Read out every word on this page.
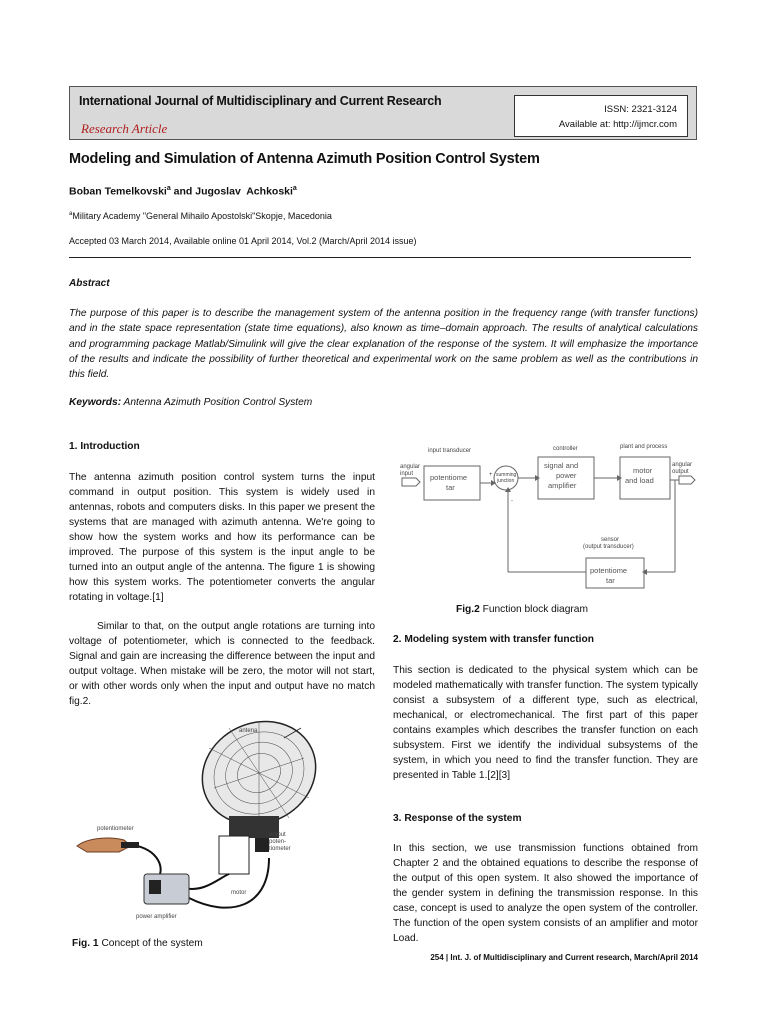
International Journal of Multidisciplinary and Current Research
Research Article
ISSN: 2321-3124
Available at: http://ijmcr.com
Modeling and Simulation of Antenna Azimuth Position Control System
Boban Temelkovski$^a$ and Jugoslav  Achkoski$^a$
$^a$Military Academy "General Mihailo Apostolski"Skopje, Macedonia
Accepted 03 March 2014, Available online 01 April 2014, Vol.2 (March/April 2014 issue)
Abstract
The purpose of this paper is to describe the management system of the antenna position in the frequency range (with transfer functions) and in the state space representation (state time equations), also known as time–domain approach. The results of analytical calculations and programming package Matlab/Simulink will give the clear explanation of the response of the system. It will emphasize the importance of the results and indicate the possibility of further theoretical and experimental work on the same problem as well as the contributions in this field.
Keywords: Antenna Azimuth Position Control System
1. Introduction
The antenna azimuth position control system turns the input command in output position. This system is widely used in antennas, robots and computers disks. In this paper we present the systems that are managed with azimuth antenna. We're going to show how the system works and how its performance can be improved. The purpose of this system is the input angle to be turned into an output angle of the antenna. The figure 1 is showing how this system works. The potentiometer converts the angular rotating in voltage.[1]
Similar to that, on the output angle rotations are turning into voltage of potentiometer, which is connected to the feedback. Signal and gain are increasing the difference between the input and output voltage. When mistake will be zero, the motor will not start, or with other words only when the input and output have no match fig.2.
antena
potentiometer
output
poten-
tiometer
motor
power amplifier
Fig. 1 Concept of the system
input transducer	controller	plant and process
angular
input
angular
output
potentiome
tar
summing
junction
+
-
signal and
power
amplifier
motor
and load
sensor
(output transducer)
potentiome
tar
Fig.2 Function block diagram
2. Modeling system with transfer function
This section is dedicated to the physical system which can be modeled mathematically with transfer function. The system typically consist a subsystem of a different type, such as electrical, mechanical, or electromechanical. The first part of this paper contains examples which describes the transfer function on each subsystem. First we identify the individual subsystems of the system, in which you need to find the transfer function. They are presented in Table 1.[2][3]
3. Response of the system
In this section, we use transmission functions obtained from Chapter 2 and the obtained equations to describe the response of the output of this open system. It also showed the importance of the gender system in defining the transmission response. In this case, concept is used to analyze the open system of the controller. The function of the open system consists of an amplifier and motor Load.
254 | Int. J. of Multidisciplinary and Current research, March/April 2014
